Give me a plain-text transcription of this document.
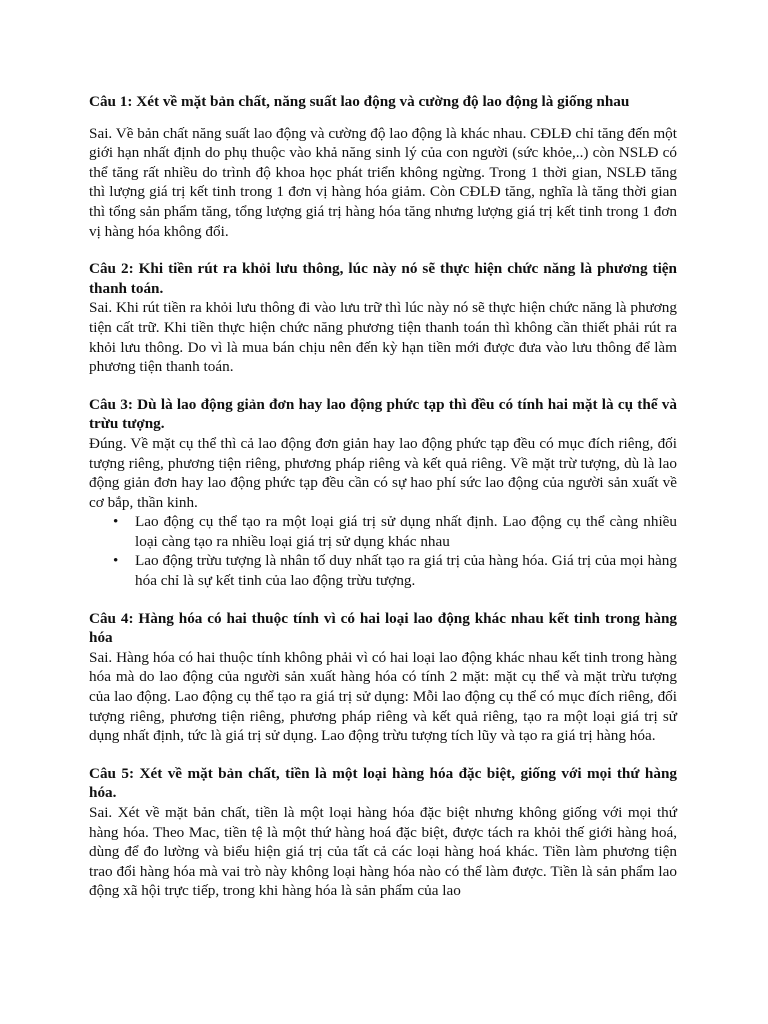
Câu 1: Xét về mặt bản chất, năng suất lao động và cường độ lao động là giống nhau

Sai. Về bản chất năng suất lao động và cường độ lao động là khác nhau. CĐLĐ chỉ tăng đến một giới hạn nhất định do phụ thuộc vào khả năng sinh lý của con người (sức khỏe,..) còn NSLĐ có thể tăng rất nhiều do trình độ khoa học phát triển không ngừng. Trong 1 thời gian, NSLĐ tăng thì lượng giá trị kết tinh trong 1 đơn vị hàng hóa giảm. Còn CĐLĐ tăng, nghĩa là tăng thời gian thì tổng sản phẩm tăng, tổng lượng giá trị hàng hóa tăng nhưng lượng giá trị kết tinh trong 1 đơn vị hàng hóa không đổi.

Câu 2: Khi tiền rút ra khỏi lưu thông, lúc này nó sẽ thực hiện chức năng là phương tiện thanh toán.

Sai. Khi rút tiền ra khỏi lưu thông đi vào lưu trữ thì lúc này nó sẽ thực hiện chức năng là phương tiện cất trữ. Khi tiền thực hiện chức năng phương tiện thanh toán thì không cần thiết phải rút ra khỏi lưu thông. Do vì là mua bán chịu nên đến kỳ hạn tiền mới được đưa vào lưu thông để làm phương tiện thanh toán.

Câu 3: Dù là lao động giản đơn hay lao động phức tạp thì đều có tính hai mặt là cụ thể và trừu tượng.

Đúng. Về mặt cụ thể thì cả lao động đơn giản hay lao động phức tạp đều có mục đích riêng, đối tượng riêng, phương tiện riêng, phương pháp riêng và kết quả riêng. Về mặt trừ tượng, dù là lao động giản đơn hay lao động phức tạp đều cần có sự hao phí sức lao động của người sản xuất về cơ bắp, thần kinh.

• Lao động cụ thể tạo ra một loại giá trị sử dụng nhất định. Lao động cụ thể càng nhiều loại càng tạo ra nhiều loại giá trị sử dụng khác nhau
• Lao động trừu tượng là nhân tố duy nhất tạo ra giá trị của hàng hóa. Giá trị của mọi hàng hóa chỉ là sự kết tinh của lao động trừu tượng.

Câu 4: Hàng hóa có hai thuộc tính vì có hai loại lao động khác nhau kết tinh trong hàng hóa

Sai. Hàng hóa có hai thuộc tính không phải vì có hai loại lao động khác nhau kết tinh trong hàng hóa mà do lao động của người sản xuất hàng hóa có tính 2 mặt: mặt cụ thể và mặt trừu tượng của lao động. Lao động cụ thể tạo ra giá trị sử dụng: Mỗi lao động cụ thể có mục đích riêng, đối tượng riêng, phương tiện riêng, phương pháp riêng và kết quả riêng, tạo ra một loại giá trị sử dụng nhất định, tức là giá trị sử dụng. Lao động trừu tượng tích lũy và tạo ra giá trị hàng hóa.

Câu 5: Xét về mặt bản chất, tiền là một loại hàng hóa đặc biệt, giống với mọi thứ hàng hóa.

Sai. Xét về mặt bản chất, tiền là một loại hàng hóa đặc biệt nhưng không giống với mọi thứ hàng hóa. Theo Mac, tiền tệ là một thứ hàng hoá đặc biệt, được tách ra khỏi thế giới hàng hoá, dùng để đo lường và biểu hiện giá trị của tất cả các loại hàng hoá khác. Tiền làm phương tiện trao đổi hàng hóa mà vai trò này không loại hàng hóa nào có thể làm được. Tiền là sản phẩm lao động xã hội trực tiếp, trong khi hàng hóa là sản phẩm của lao
